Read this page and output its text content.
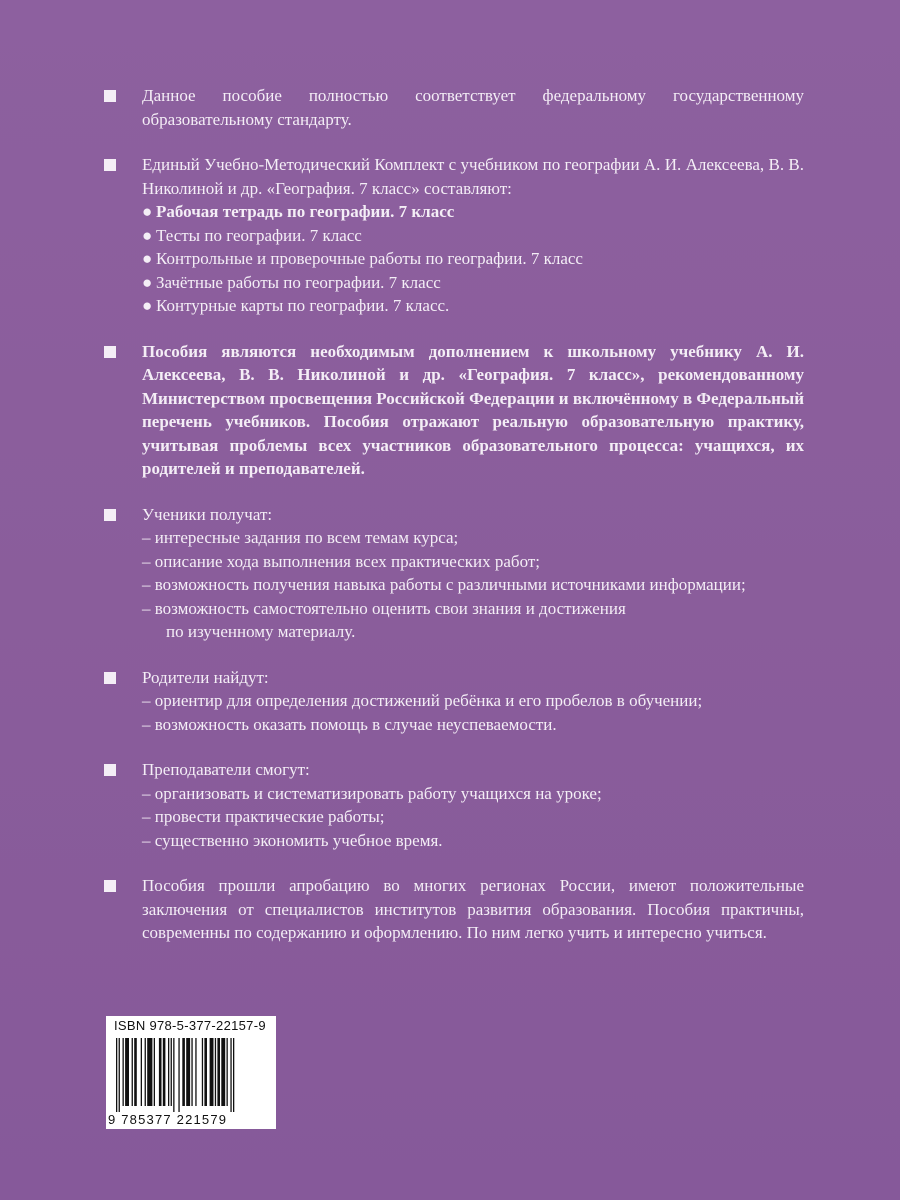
Данное пособие полностью соответствует федеральному государственному образовательному стандарту.
Единый Учебно-Методический Комплект с учебником по географии А. И. Алексеева, В. В. Николиной и др. «География. 7 класс» составляют:
● Рабочая тетрадь по географии. 7 класс
● Тесты по географии. 7 класс
● Контрольные и проверочные работы по географии. 7 класс
● Зачётные работы по географии. 7 класс
● Контурные карты по географии. 7 класс.
Пособия являются необходимым дополнением к школьному учебнику А. И. Алексеева, В. В. Николиной и др. «География. 7 класс», рекомендованному Министерством просвещения Российской Федерации и включённому в Федеральный перечень учебников. Пособия отражают реальную образовательную практику, учитывая проблемы всех участников образовательного процесса: учащихся, их родителей и преподавателей.
Ученики получат:
– интересные задания по всем темам курса;
– описание хода выполнения всех практических работ;
– возможность получения навыка работы с различными источниками информации;
– возможность самостоятельно оценить свои знания и достижения
по изученному материалу.
Родители найдут:
– ориентир для определения достижений ребёнка и его пробелов в обучении;
– возможность оказать помощь в случае неуспеваемости.
Преподаватели смогут:
– организовать и систематизировать работу учащихся на уроке;
– провести практические работы;
– существенно экономить учебное время.
Пособия прошли апробацию во многих регионах России, имеют положительные заключения от специалистов институтов развития образования. Пособия практичны, современны по содержанию и оформлению. По ним легко учить и интересно учиться.
ISBN 978-5-377-22157-9
9 785377 221579
